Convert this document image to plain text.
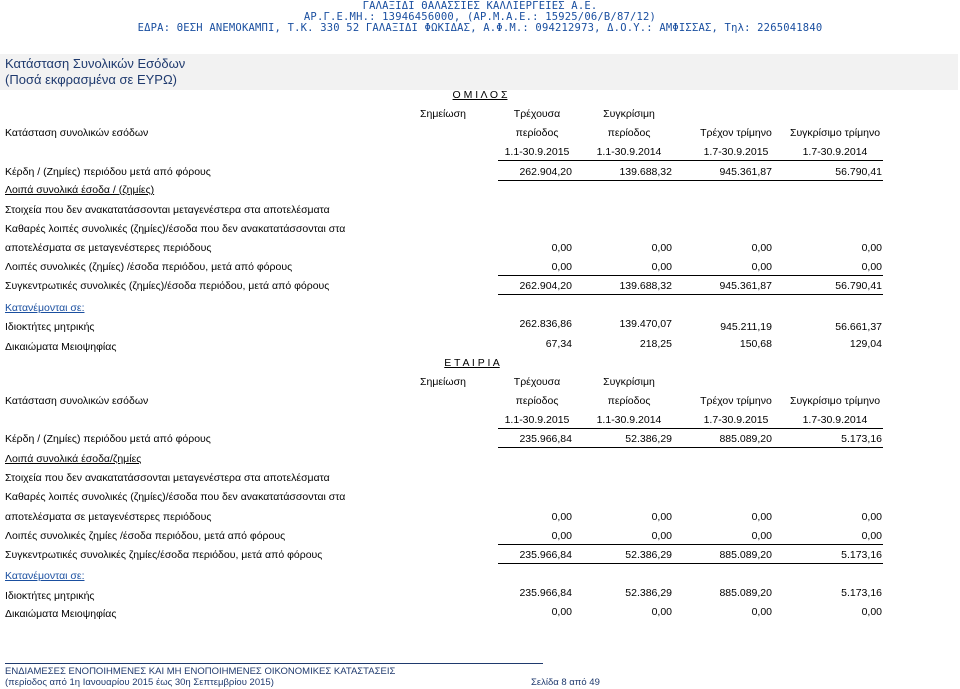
ΓΑΛΑΞΙΔΙ ΘΑΛΑΣΣΙΕΣ ΚΑΛΛΙΕΡΓΕΙΕΣ Α.Ε.
ΑΡ.Γ.Ε.ΜΗ.: 13946456000, (ΑΡ.Μ.Α.Ε.: 15925/06/Β/87/12)
ΕΔΡΑ: ΘΕΣΗ ΑΝΕΜΟΚΑΜΠΙ, Τ.Κ. 330 52 ΓΑΛΑΞΙΔΙ ΦΩΚΙΔΑΣ, Α.Φ.Μ.: 094212973, Δ.Ο.Υ.: ΑΜΦΙΣΣΑΣ, Τηλ: 2265041840
Κατάσταση Συνολικών Εσόδων
(Ποσά εκφρασμένα σε ΕΥΡΩ)
Ο Μ Ι Λ Ο Σ
Σημείωση	Τρέχουσα	Συγκρίσιμη
Κατάσταση συνολικών εσόδων	περίοδος	περίοδος	Τρέχον τρίμηνο	Συγκρίσιμο τρίμηνο
1.1-30.9.2015	1.1-30.9.2014	1.7-30.9.2015	1.7-30.9.2014
Κέρδη / (Ζημίες) περιόδου μετά από φόρους	262.904,20	139.688,32	945.361,87	56.790,41
Λοιπά συνολικά έσοδα / (ζημίες)
Στοιχεία που δεν ανακατατάσσονται μεταγενέστερα στα αποτελέσματα
Καθαρές λοιπές συνολικές (ζημίες)/έσοδα που δεν ανακατατάσσονται στα
αποτελέσματα σε μεταγενέστερες περιόδους	0,00	0,00	0,00	0,00
Λοιπές συνολικές (ζημίες) /έσοδα περιόδου, μετά από φόρους	0,00	0,00	0,00	0,00
Συγκεντρωτικές συνολικές (ζημίες)/έσοδα περιόδου, μετά από φόρους	262.904,20	139.688,32	945.361,87	56.790,41
Κατανέμονται σε:
Ιδιοκτήτες μητρικής	262.836,86	139.470,07	945.211,19	56.661,37
Δικαιώματα Μειοψηφίας	67,34	218,25	150,68	129,04
Ε Τ Α Ι Ρ Ι Α
Σημείωση	Τρέχουσα	Συγκρίσιμη
Κατάσταση συνολικών εσόδων	περίοδος	περίοδος	Τρέχον τρίμηνο	Συγκρίσιμο τρίμηνο
1.1-30.9.2015	1.1-30.9.2014	1.7-30.9.2015	1.7-30.9.2014
Κέρδη / (Ζημίες) περιόδου μετά από φόρους	235.966,84	52.386,29	885.089,20	5.173,16
Λοιπά συνολικά έσοδα/ζημίες
Στοιχεία που δεν ανακατατάσσονται μεταγενέστερα στα αποτελέσματα
Καθαρές λοιπές συνολικές (ζημίες)/έσοδα που δεν ανακατατάσσονται στα
αποτελέσματα σε μεταγενέστερες περιόδους	0,00	0,00	0,00	0,00
Λοιπές συνολικές ζημίες /έσοδα περιόδου, μετά από φόρους	0,00	0,00	0,00	0,00
Συγκεντρωτικές συνολικές ζημίες/έσοδα περιόδου, μετά από φόρους	235.966,84	52.386,29	885.089,20	5.173,16
Κατανέμονται σε:
Ιδιοκτήτες μητρικής	235.966,84	52.386,29	885.089,20	5.173,16
Δικαιώματα Μειοψηφίας	0,00	0,00	0,00	0,00
ΕΝΔΙΑΜΕΣΕΣ ΕΝΟΠΟΙΗΜΕΝΕΣ ΚΑΙ ΜΗ ΕΝΟΠΟΙΗΜΕΝΕΣ ΟΙΚΟΝΟΜΙΚΕΣ ΚΑΤΑΣΤΑΣΕΙΣ
(περίοδος από 1η Ιανουαρίου 2015 έως 30η Σεπτεμβρίου 2015)	Σελίδα 8 από 49
